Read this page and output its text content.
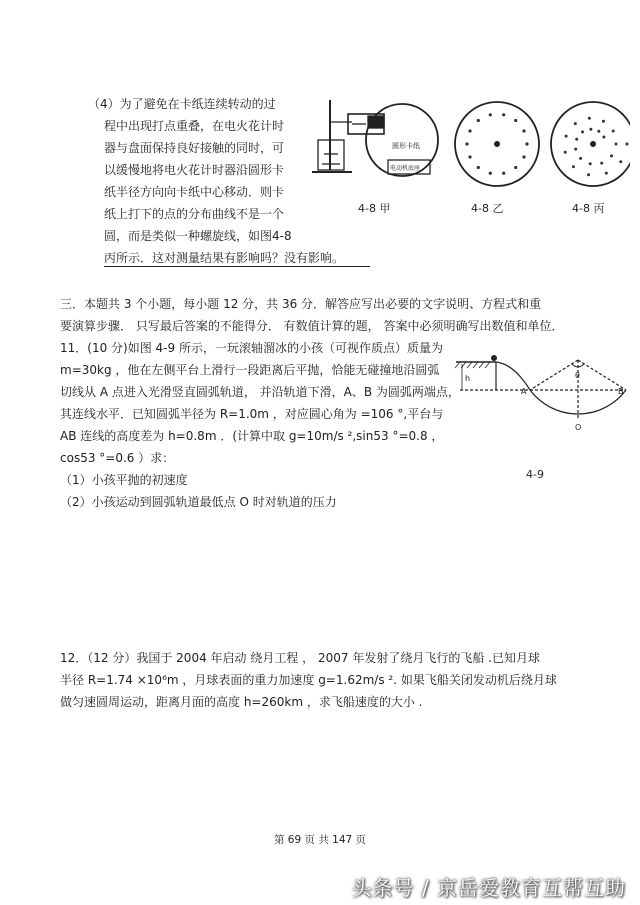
（4）为了避免在卡纸连续转动的过
程中出现打点重叠，在电火花计时
器与盘面保持良好接触的同时，可
以缓慢地将电火花计时器沿圆形卡
纸半径方向向卡纸中心移动．则卡
纸上打下的点的分布曲线不是一个
圆，而是类似一种螺旋线，如图 4-8
丙所示．这对测量结果有影响吗？没有影响。
圆形卡纸
电动机底座
4-8 甲	4-8 乙	4-8 丙
三．本题共 3 个小题，每小题 12 分，共 36 分．解答应写出必要的文字说明、方程式和重
要演算步骤． 只写最后答案的不能得分． 有数值计算的题， 答案中必须明确写出数值和单位．
11．(10 分)如图 4-9 所示，一玩滚轴溜冰的小孩（可视作质点）质量为
m=30kg ，他在左侧平台上滑行一段距离后平抛，恰能无碰撞地沿圆弧
切线从 A 点进入光滑竖直圆弧轨道， 并沿轨道下滑，A、B 为圆弧两端点，
其连线水平．已知圆弧半径为 R=1.0m ，对应圆心角为 =106 °,平台与
AB 连线的高度差为 h=0.8m ．(计算中取 g=10m/s ²,sin53 °=0.8 ，
cos53 °=0.6 ）求：
（1）小孩平抛的初速度
（2）小孩运动到圆弧轨道最低点 O 时对轨道的压力
h
A	B
θ
O
4-9
12．（12 分）我国于 2004 年启动 绕月工程 ， 2007 年发射了绕月飞行的飞船 .已知月球
半径 R=1.74 ×10⁶m ，月球表面的重力加速度 g=1.62m/s ². 如果飞船关闭发动机后绕月球
做匀速圆周运动，距离月面的高度 h=260km ，求飞船速度的大小 .
第 69 页 共 147 页
头条号 / 京岳爱教育互帮互助
